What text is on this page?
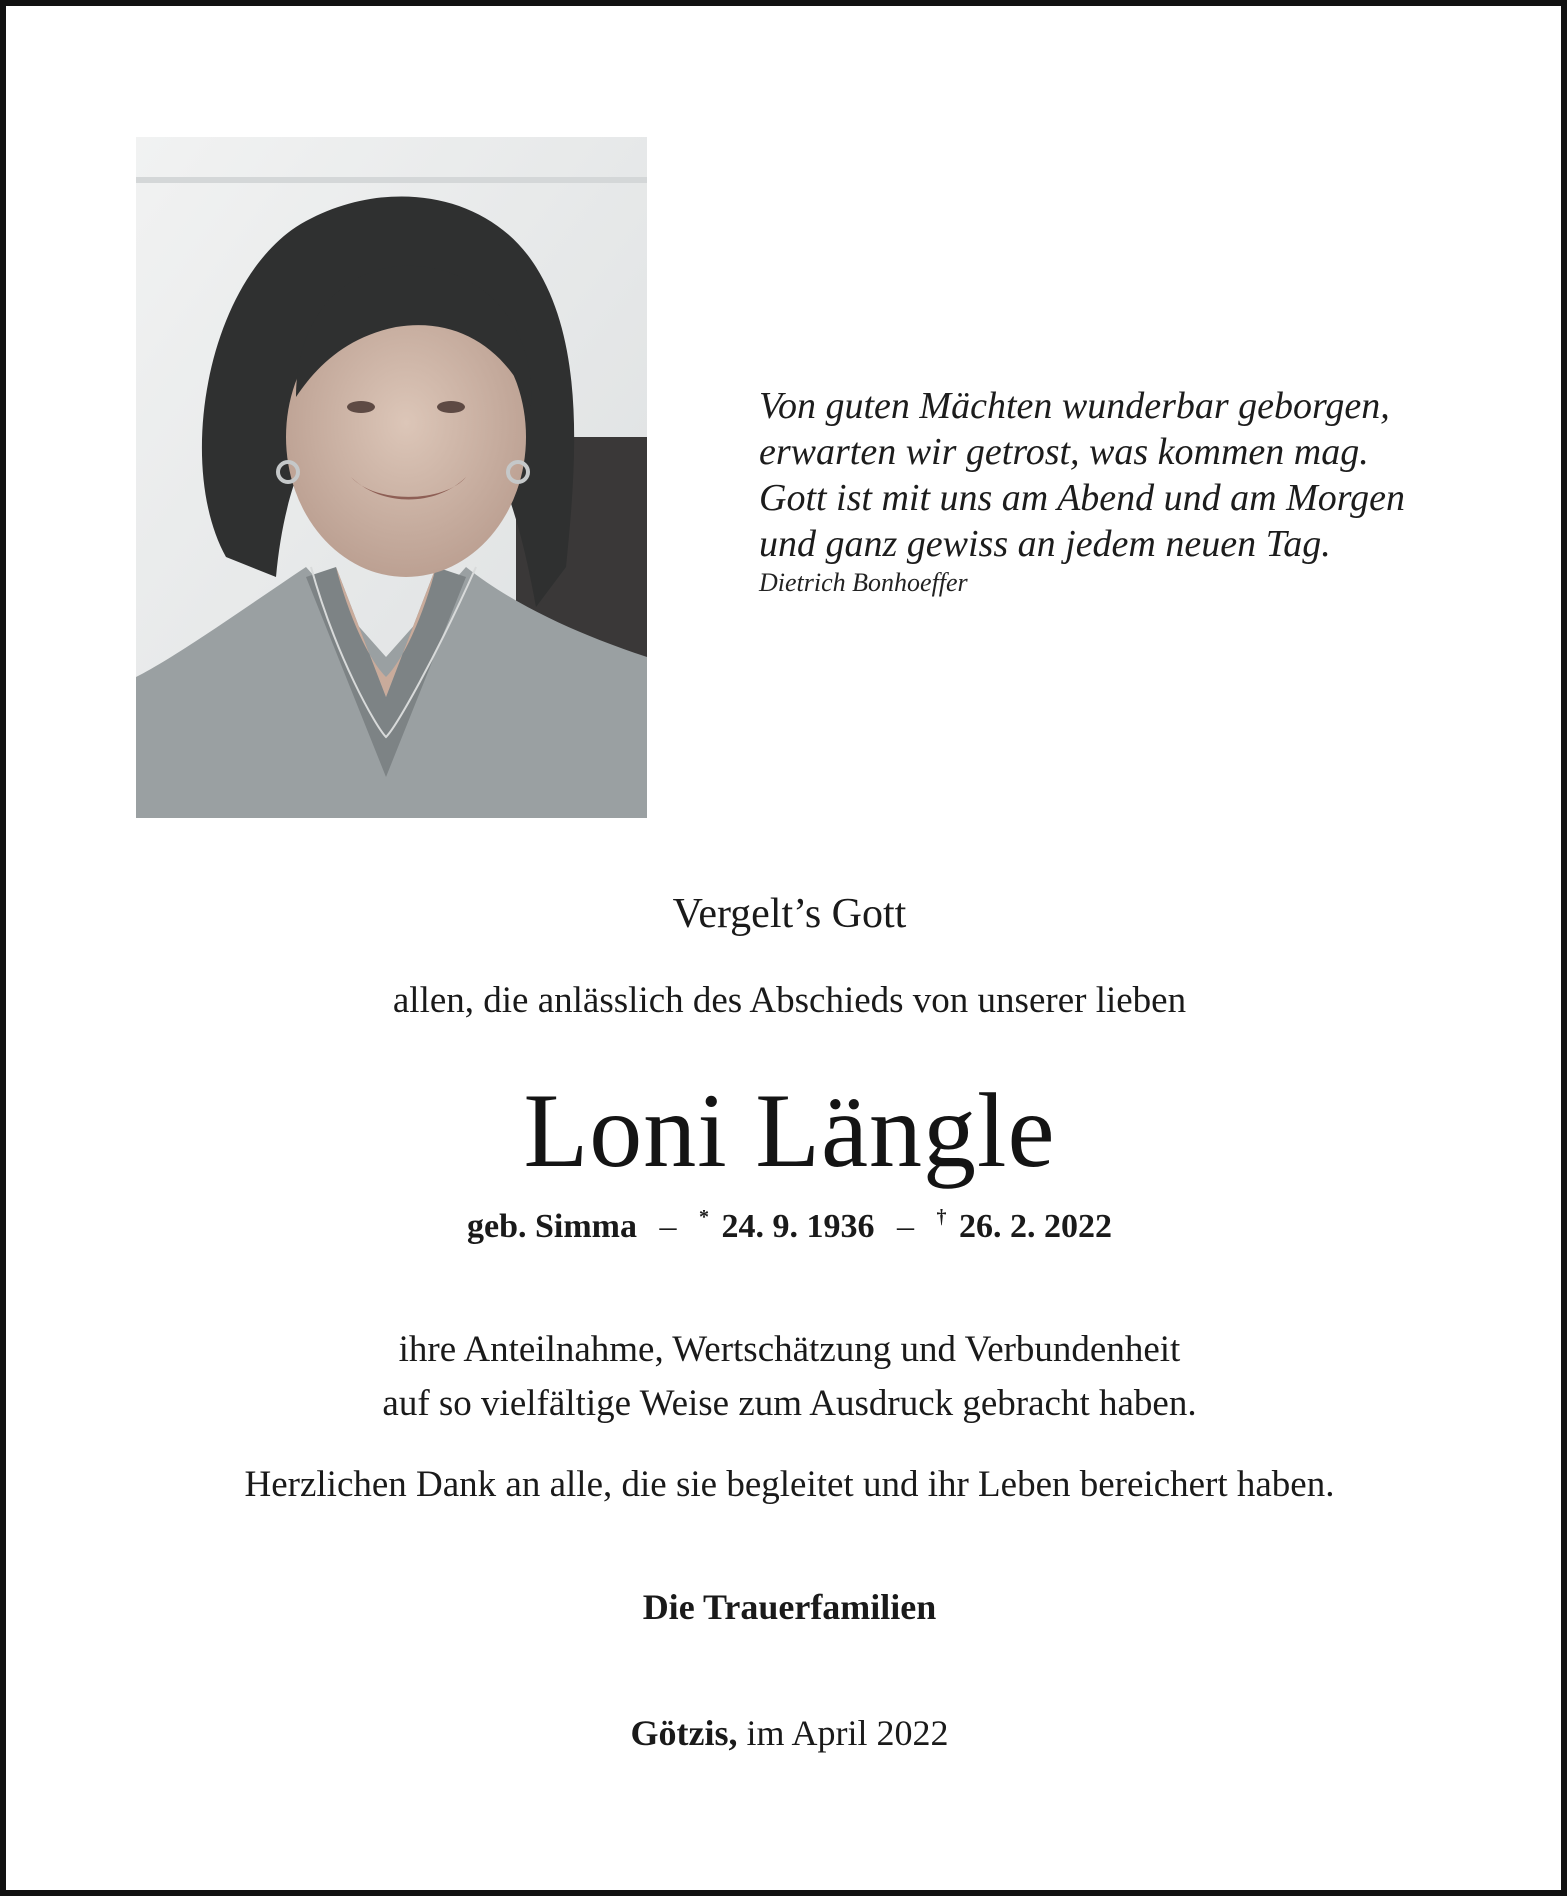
Von guten Mächten wunderbar geborgen,
erwarten wir getrost, was kommen mag.
Gott ist mit uns am Abend und am Morgen
und ganz gewiss an jedem neuen Tag.
Dietrich Bonhoeffer
Vergelt’s Gott
allen, die anlässlich des Abschieds von unserer lieben
Loni Längle
geb. Simma – * 24. 9. 1936 – † 26. 2. 2022
ihre Anteilnahme, Wertschätzung und Verbundenheit
auf so vielfältige Weise zum Ausdruck gebracht haben.
Herzlichen Dank an alle, die sie begleitet und ihr Leben bereichert haben.
Die Trauerfamilien
Götzis, im April 2022
